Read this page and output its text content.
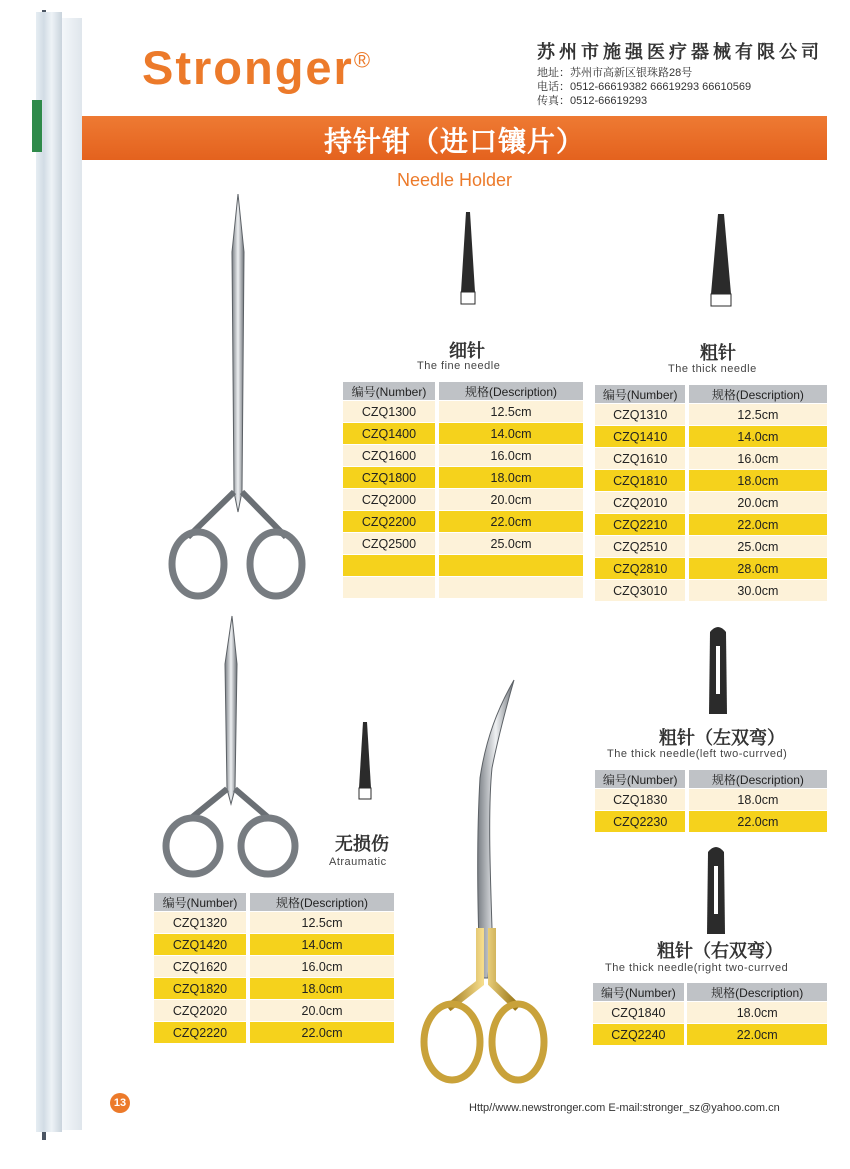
Stronger®	苏州市施强医疗器械有限公司
地址：苏州市高新区银珠路28号
电话：0512-66619382 66619293 66610569
传真：0512-66619293
持针钳（进口镶片）
Needle Holder
细针
The fine needle
粗针
The thick needle
编号(Number)		规格(Description)
CZQ1300		12.5cm
CZQ1400		14.0cm
CZQ1600		16.0cm
CZQ1800		18.0cm
CZQ2000		20.0cm
CZQ2200		22.0cm
CZQ2500		25.0cm

编号(Number)		规格(Description)
CZQ1310		12.5cm
CZQ1410		14.0cm
CZQ1610		16.0cm
CZQ1810		18.0cm
CZQ2010		20.0cm
CZQ2210		22.0cm
CZQ2510		25.0cm
CZQ2810		28.0cm
CZQ3010		30.0cm
无损伤
Atraumatic
编号(Number)		规格(Description)
CZQ1320		12.5cm
CZQ1420		14.0cm
CZQ1620		16.0cm
CZQ1820		18.0cm
CZQ2020		20.0cm
CZQ2220		22.0cm
粗针（左双弯）
The thick needle(left two-currved)
编号(Number)		规格(Description)
CZQ1830		18.0cm
CZQ2230		22.0cm
粗针（右双弯）
The thick needle(right two-currved
编号(Number)		规格(Description)
CZQ1840		18.0cm
CZQ2240		22.0cm
13	Http//www.newstronger.com E-mail:stronger_sz@yahoo.com.cn
